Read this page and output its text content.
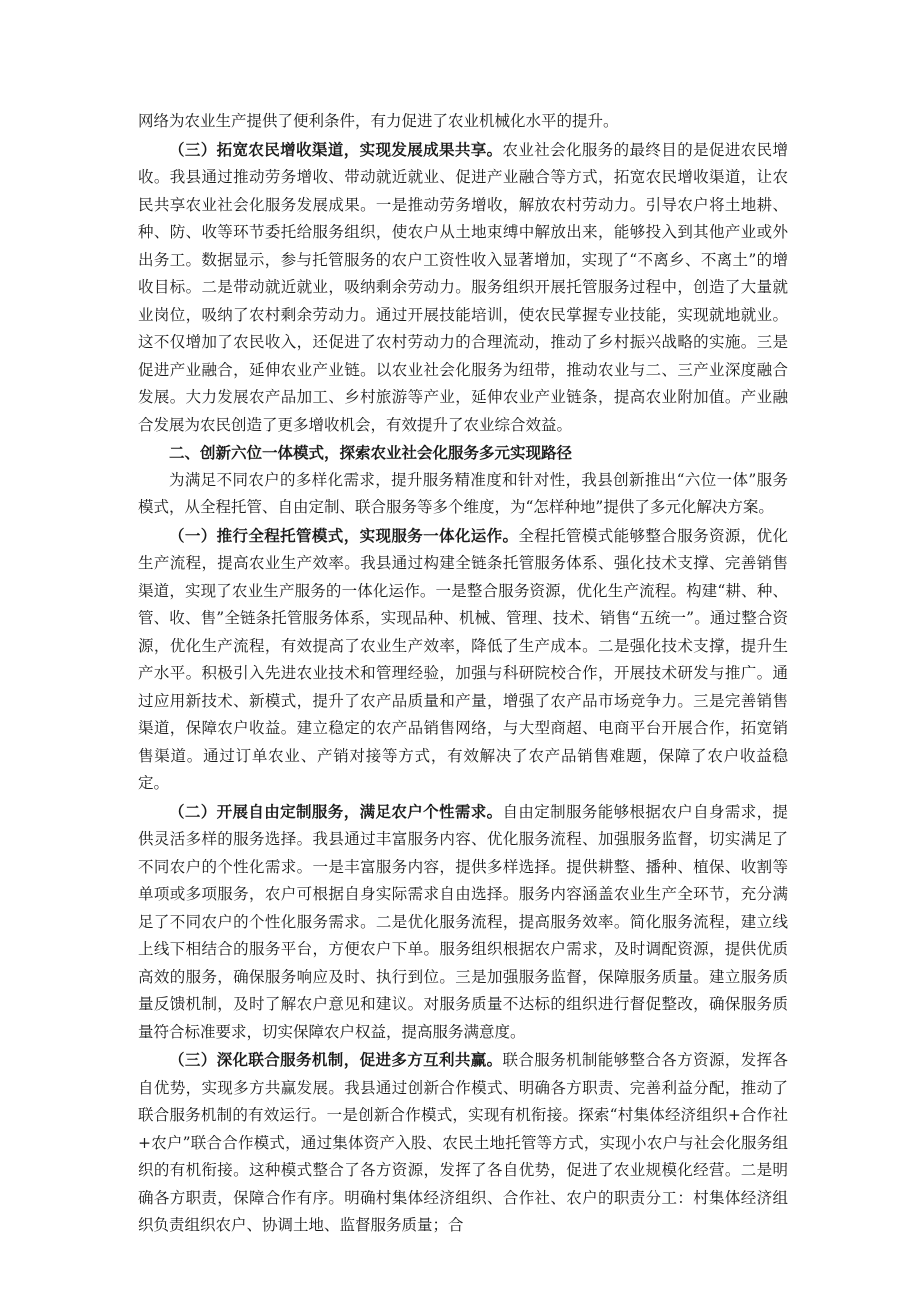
网络为农业生产提供了便利条件，有力促进了农业机械化水平的提升。

（三）拓宽农民增收渠道，实现发展成果共享。农业社会化服务的最终目的是促进农民增收。我县通过推动劳务增收、带动就近就业、促进产业融合等方式，拓宽农民增收渠道，让农民共享农业社会化服务发展成果。一是推动劳务增收，解放农村劳动力。引导农户将土地耕、种、防、收等环节委托给服务组织，使农户从土地束缚中解放出来，能够投入到其他产业或外出务工。数据显示，参与托管服务的农户工资性收入显著增加，实现了“不离乡、不离土”的增收目标。二是带动就近就业，吸纳剩余劳动力。服务组织开展托管服务过程中，创造了大量就业岗位，吸纳了农村剩余劳动力。通过开展技能培训，使农民掌握专业技能，实现就地就业。这不仅增加了农民收入，还促进了农村劳动力的合理流动，推动了乡村振兴战略的实施。三是促进产业融合，延伸农业产业链。以农业社会化服务为纽带，推动农业与二、三产业深度融合发展。大力发展农产品加工、乡村旅游等产业，延伸农业产业链条，提高农业附加值。产业融合发展为农民创造了更多增收机会，有效提升了农业综合效益。

二、创新六位一体模式，探索农业社会化服务多元实现路径

为满足不同农户的多样化需求，提升服务精准度和针对性，我县创新推出“六位一体”服务模式，从全程托管、自由定制、联合服务等多个维度，为“怎样种地”提供了多元化解决方案。

（一）推行全程托管模式，实现服务一体化运作。全程托管模式能够整合服务资源，优化生产流程，提高农业生产效率。我县通过构建全链条托管服务体系、强化技术支撑、完善销售渠道，实现了农业生产服务的一体化运作。一是整合服务资源，优化生产流程。构建“耕、种、管、收、售”全链条托管服务体系，实现品种、机械、管理、技术、销售“五统一”。通过整合资源，优化生产流程，有效提高了农业生产效率，降低了生产成本。二是强化技术支撑，提升生产水平。积极引入先进农业技术和管理经验，加强与科研院校合作，开展技术研发与推广。通过应用新技术、新模式，提升了农产品质量和产量，增强了农产品市场竞争力。三是完善销售渠道，保障农户收益。建立稳定的农产品销售网络，与大型商超、电商平台开展合作，拓宽销售渠道。通过订单农业、产销对接等方式，有效解决了农产品销售难题，保障了农户收益稳定。

（二）开展自由定制服务，满足农户个性需求。自由定制服务能够根据农户自身需求，提供灵活多样的服务选择。我县通过丰富服务内容、优化服务流程、加强服务监督，切实满足了不同农户的个性化需求。一是丰富服务内容，提供多样选择。提供耕整、播种、植保、收割等单项或多项服务，农户可根据自身实际需求自由选择。服务内容涵盖农业生产全环节，充分满足了不同农户的个性化服务需求。二是优化服务流程，提高服务效率。简化服务流程，建立线上线下相结合的服务平台，方便农户下单。服务组织根据农户需求，及时调配资源，提供优质高效的服务，确保服务响应及时、执行到位。三是加强服务监督，保障服务质量。建立服务质量反馈机制，及时了解农户意见和建议。对服务质量不达标的组织进行督促整改，确保服务质量符合标准要求，切实保障农户权益，提高服务满意度。

（三）深化联合服务机制，促进多方互利共赢。联合服务机制能够整合各方资源，发挥各自优势，实现多方共赢发展。我县通过创新合作模式、明确各方职责、完善利益分配，推动了联合服务机制的有效运行。一是创新合作模式，实现有机衔接。探索“村集体经济组织+合作社+农户”联合合作模式，通过集体资产入股、农民土地托管等方式，实现小农户与社会化服务组织的有机衔接。这种模式整合了各方资源，发挥了各自优势，促进了农业规模化经营。二是明确各方职责，保障合作有序。明确村集体经济组织、合作社、农户的职责分工：村集体经济组织负责组织农户、协调土地、监督服务质量；合
